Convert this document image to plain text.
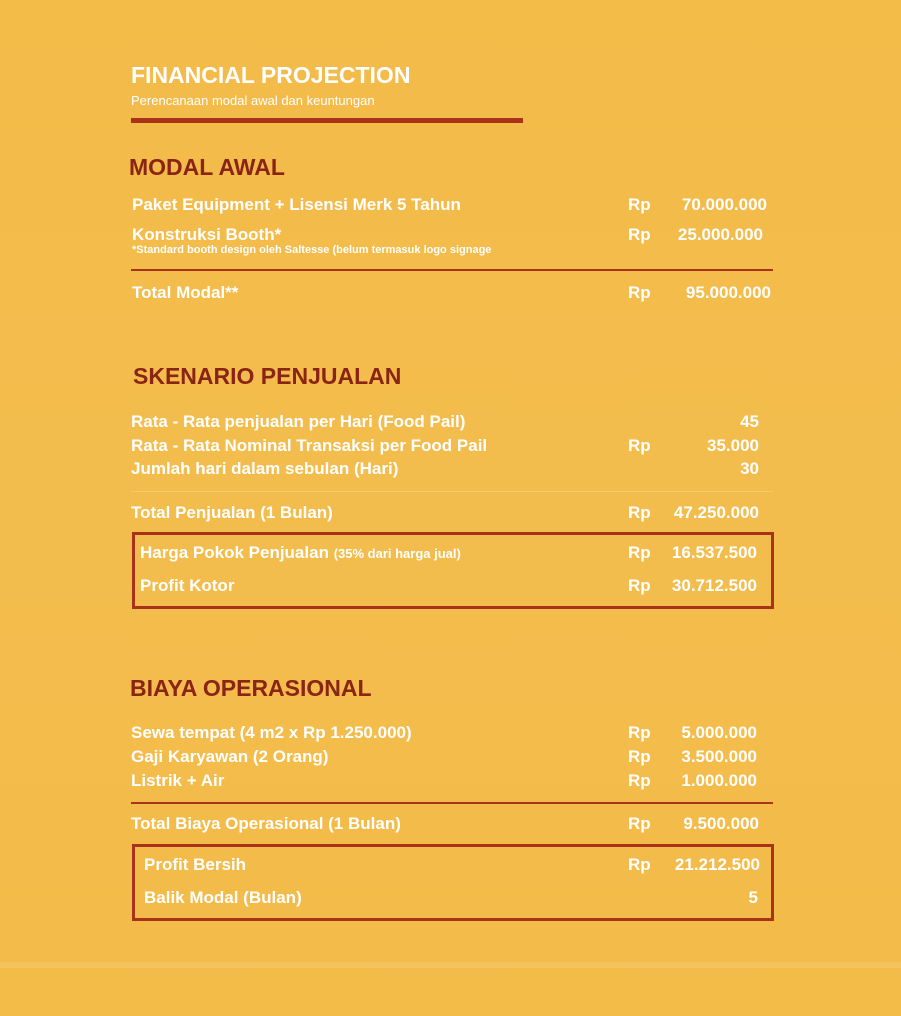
FINANCIAL PROJECTION
Perencanaan modal awal dan keuntungan
MODAL AWAL
Paket Equipment + Lisensi Merk 5 Tahun	Rp 70.000.000
Konstruksi Booth*	Rp 25.000.000
*Standard booth design oleh Saltesse (belum termasuk logo signage
Total Modal**	Rp 95.000.000
SKENARIO PENJUALAN
Rata - Rata penjualan per Hari (Food Pail)	45
Rata - Rata Nominal Transaksi per Food Pail	Rp	35.000
Jumlah hari dalam sebulan (Hari)	30
Total Penjualan (1 Bulan)	Rp 47.250.000
Harga Pokok Penjualan (35% dari harga jual)	Rp 16.537.500
Profit Kotor	Rp 30.712.500
BIAYA OPERASIONAL
Sewa tempat (4 m2 x Rp 1.250.000)	Rp 5.000.000
Gaji Karyawan (2 Orang)	Rp 3.500.000
Listrik + Air	Rp 1.000.000
Total Biaya Operasional (1 Bulan)	Rp 9.500.000
Profit Bersih	Rp 21.212.500
Balik Modal (Bulan)	5
